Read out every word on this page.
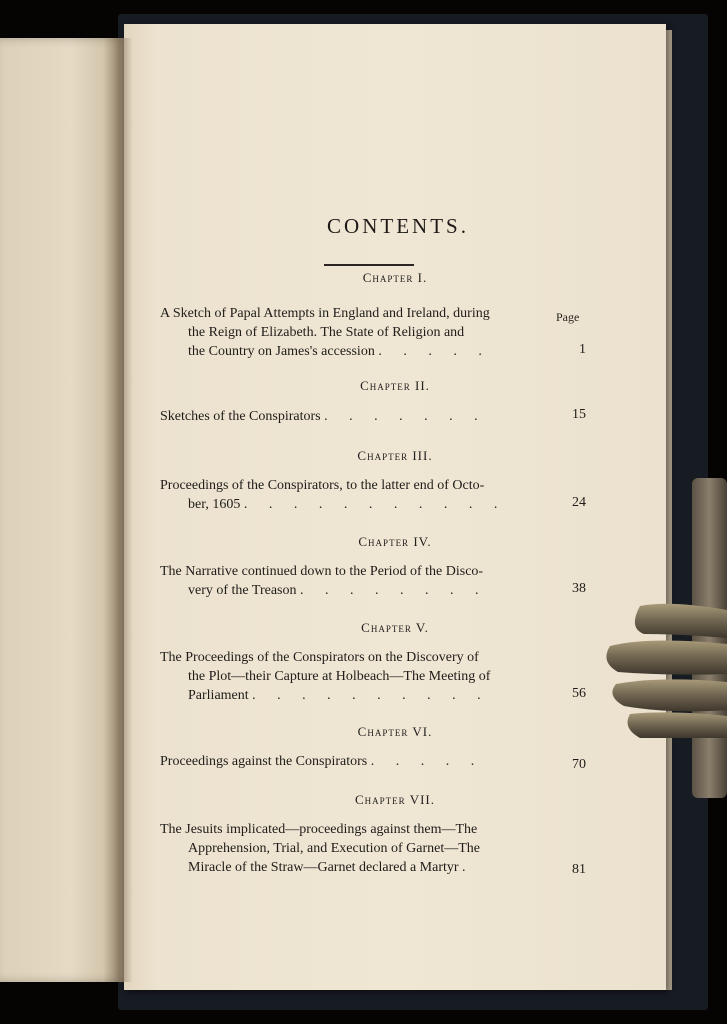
CONTENTS.
Page
Chapter I.
A Sketch of Papal Attempts in England and Ireland, during
the Reign of Elizabeth. The State of Religion and
the Country on James's accession . . . . .	1
Chapter II.
Sketches of the Conspirators . . . . . . .	15
Chapter III.
Proceedings of the Conspirators, to the latter end of Octo-
ber, 1605 . . . . . . . . . . .	24
Chapter IV.
The Narrative continued down to the Period of the Disco-
very of the Treason . . . . . . . .	38
Chapter V.
The Proceedings of the Conspirators on the Discovery of
the Plot—their Capture at Holbeach—The Meeting of
Parliament . . . . . . . . . .	56
Chapter VI.
Proceedings against the Conspirators . . . . .	70
Chapter VII.
The Jesuits implicated—proceedings against them—The
Apprehension, Trial, and Execution of Garnet—The
Miracle of the Straw—Garnet declared a Martyr .	81
